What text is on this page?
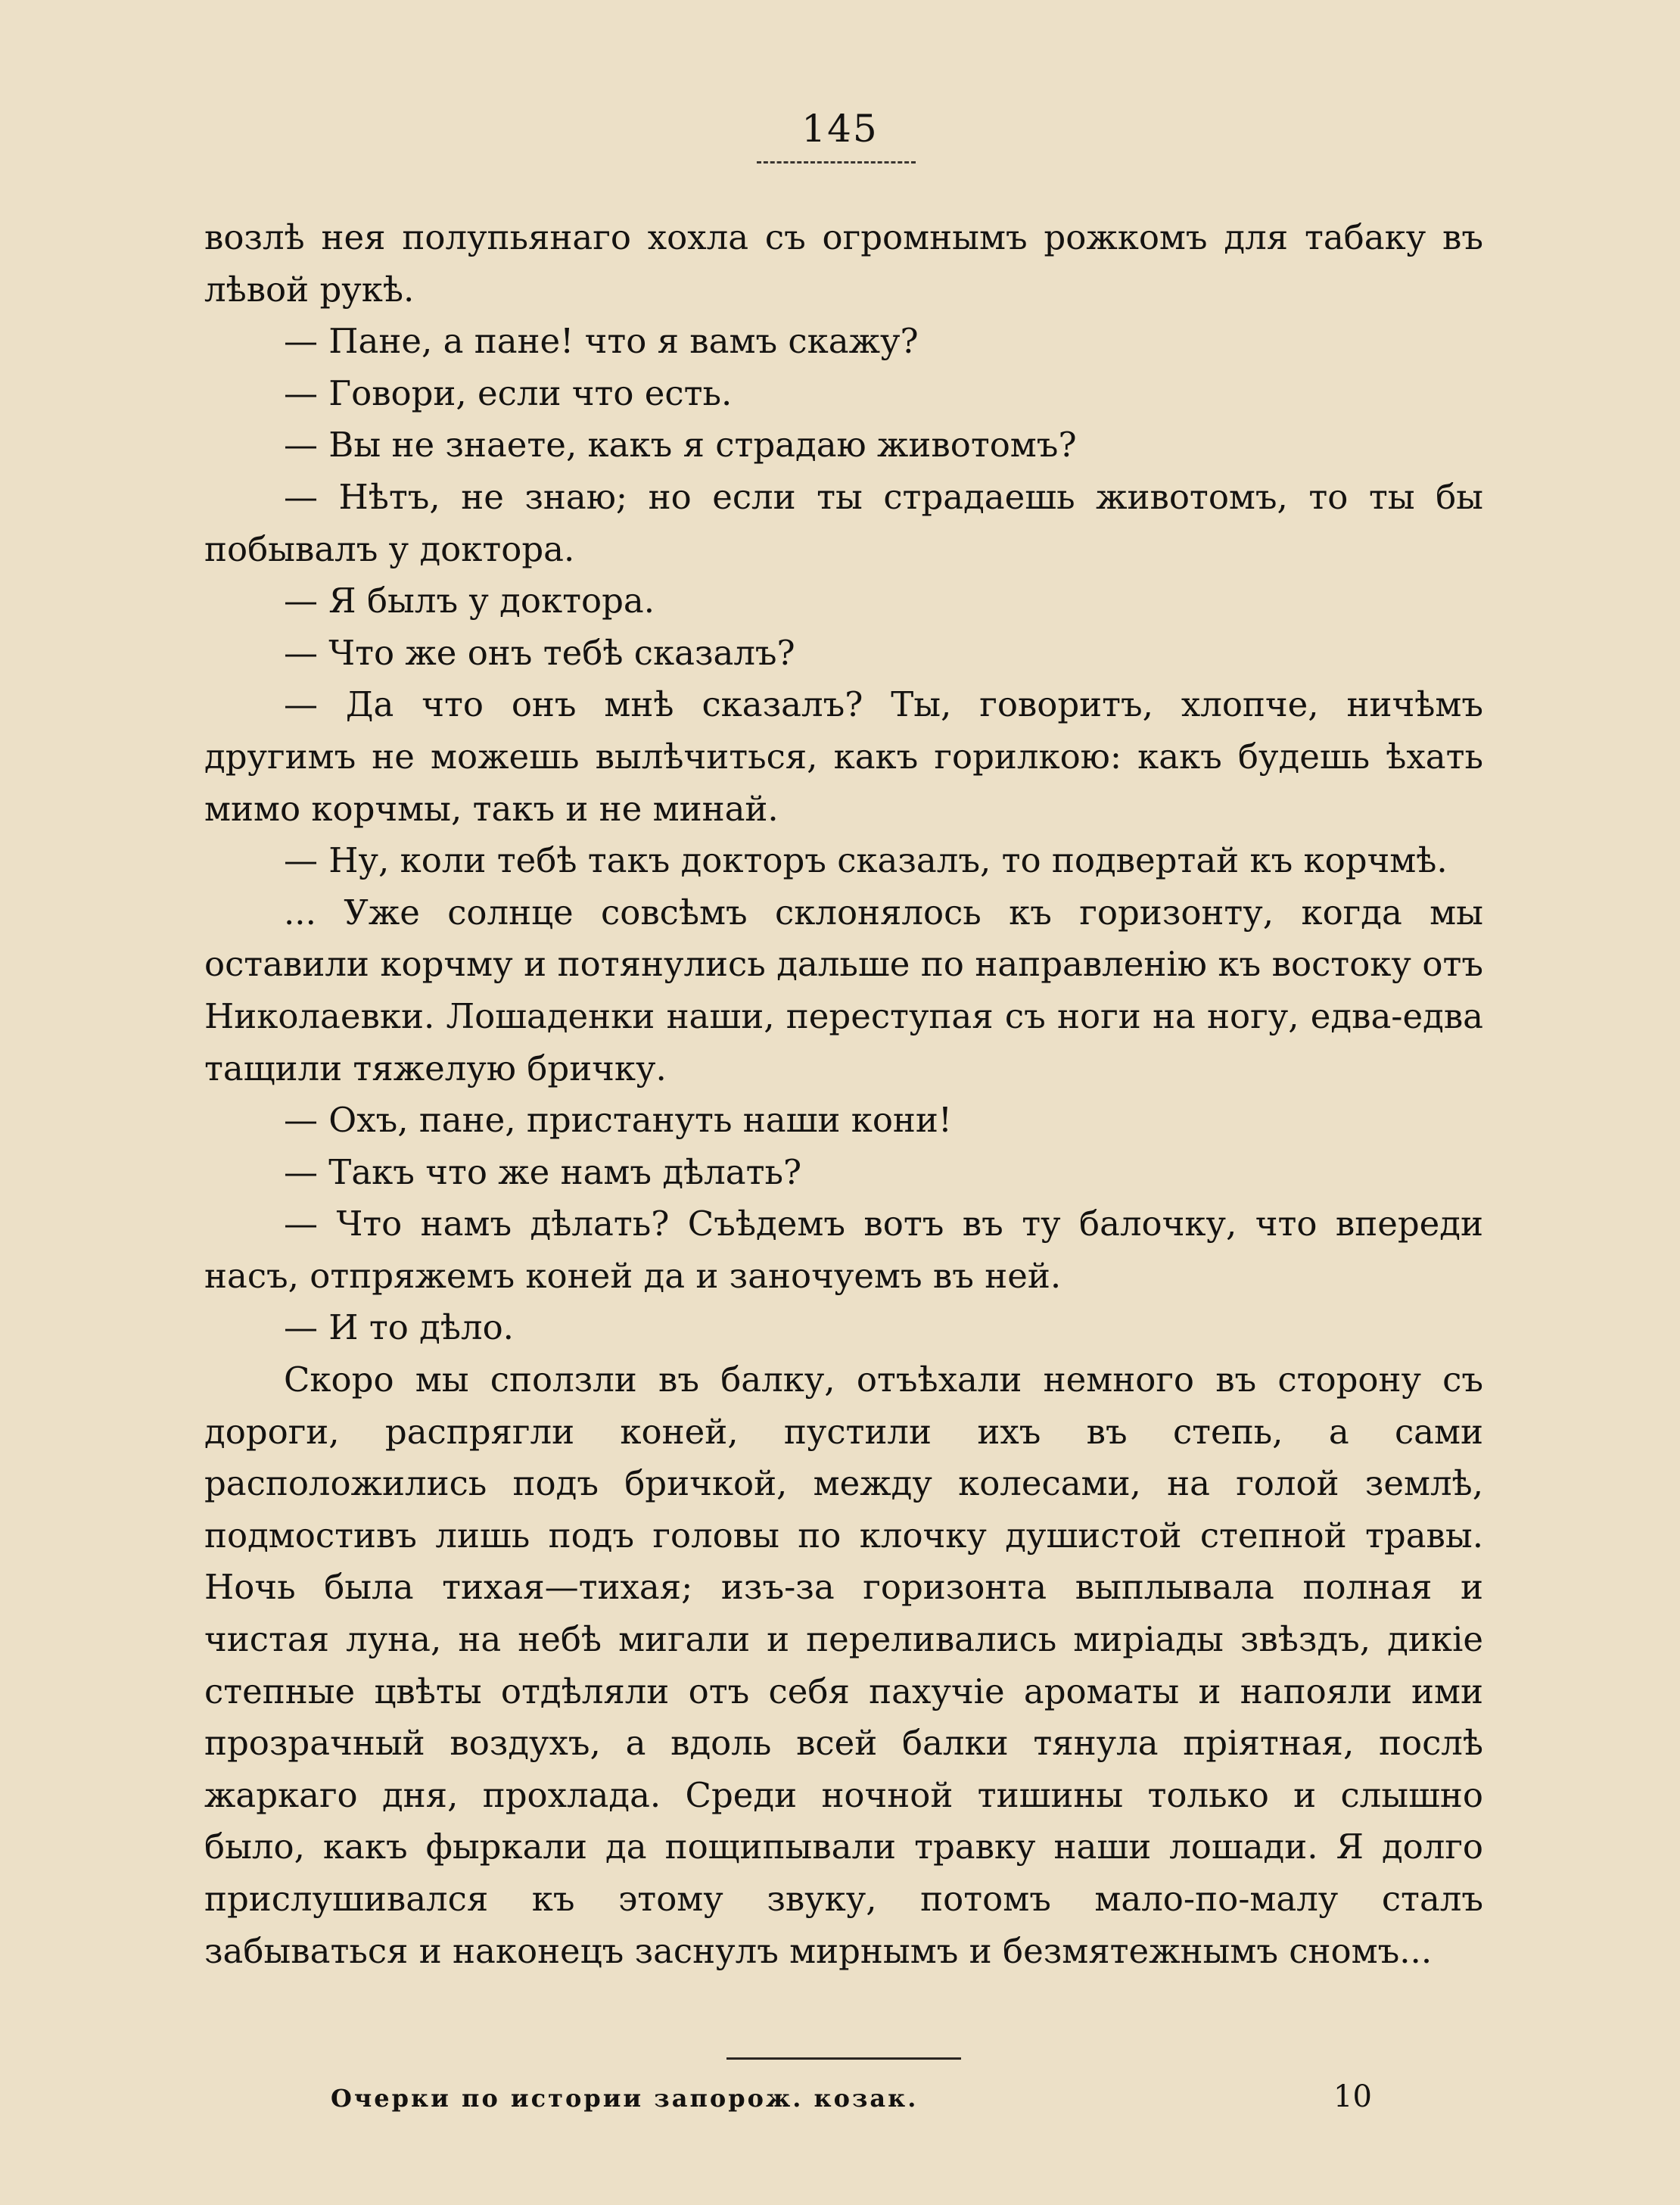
145

возлѣ нея полупьянаго хохла съ огромнымъ рожкомъ для табаку въ лѣвой рукѣ.

— Пане, а пане! что я вамъ скажу?

— Говори, если что есть.

— Вы не знаете, какъ я страдаю животомъ?

— Нѣтъ, не знаю; но если ты страдаешь животомъ, то ты бы побывалъ у доктора.

— Я былъ у доктора.

— Что же онъ тебѣ сказалъ?

— Да что онъ мнѣ сказалъ? Ты, говоритъ, хлопче, ничѣмъ другимъ не можешь вылѣчиться, какъ горилкою: какъ будешь ѣхать мимо корчмы, такъ и не минай.

— Ну, коли тебѣ такъ докторъ сказалъ, то подвертай къ корчмѣ.

... Уже солнце совсѣмъ склонялось къ горизонту, когда мы оставили корчму и потянулись дальше по направленію къ востоку отъ Николаевки. Лошаденки наши, переступая съ ноги на ногу, едва-едва тащили тяжелую бричку.

— Охъ, пане, пристануть наши кони!

— Такъ что же намъ дѣлать?

— Что намъ дѣлать? Съѣдемъ вотъ въ ту балочку, что впереди насъ, отпряжемъ коней да и заночуемъ въ ней.

— И то дѣло.

Скоро мы сползли въ балку, отъѣхали немного въ сторону съ дороги, распрягли коней, пустили ихъ въ степь, а сами расположились подъ бричкой, между колесами, на голой землѣ, подмостивъ лишь подъ головы по клочку душистой степной травы. Ночь была тихая—тихая; изъ-за горизонта выплывала полная и чистая луна, на небѣ мигали и переливались миріады звѣздъ, дикіе степные цвѣты отдѣляли отъ себя пахучіе ароматы и напояли ими прозрачный воздухъ, а вдоль всей балки тянула пріятная, послѣ жаркаго дня, прохлада. Среди ночной тишины только и слышно было, какъ фыркали да пощипывали травку наши лошади. Я долго прислушивался къ этому звуку, потомъ мало-по-малу сталъ забываться и наконецъ заснулъ мирнымъ и безмятежнымъ сномъ...

Очерки по истории запорож. козак.	10
